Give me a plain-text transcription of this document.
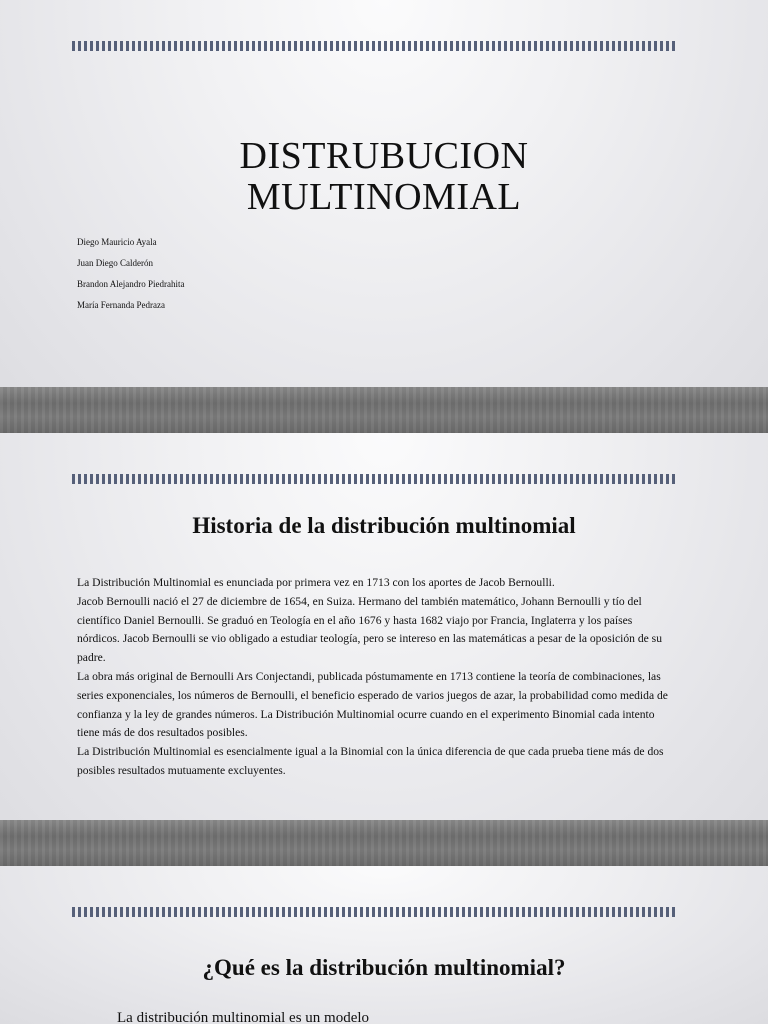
DISTRUBUCION
MULTINOMIAL
Diego Mauricio Ayala
Juan Diego Calderón
Brandon Alejandro Piedrahita
María Fernanda Pedraza
Historia de la distribución multinomial

La Distribución Multinomial es enunciada por primera vez en 1713 con los aportes de Jacob Bernoulli.

Jacob Bernoulli nació el 27 de diciembre de 1654, en Suiza. Hermano del también matemático, Johann Bernoulli y tío del científico Daniel Bernoulli. Se graduó en Teología en el año 1676 y hasta 1682 viajo por Francia, Inglaterra y los países nórdicos. Jacob Bernoulli se vio obligado a estudiar teología, pero se intereso en las matemáticas a pesar de la oposición de su padre.

La obra más original de Bernoulli Ars Conjectandi, publicada póstumamente en 1713 contiene la teoría de combinaciones, las series exponenciales, los números de Bernoulli, el beneficio esperado de varios juegos de azar, la probabilidad como medida de confianza y la ley de grandes números. La Distribución Multinomial ocurre cuando en el experimento Binomial cada intento tiene más de dos resultados posibles.

La Distribución Multinomial es esencialmente igual a la Binomial con la única diferencia de que cada prueba tiene más de dos posibles resultados mutuamente excluyentes.

¿Qué es la distribución multinomial?

La distribución multinomial es un modelo
